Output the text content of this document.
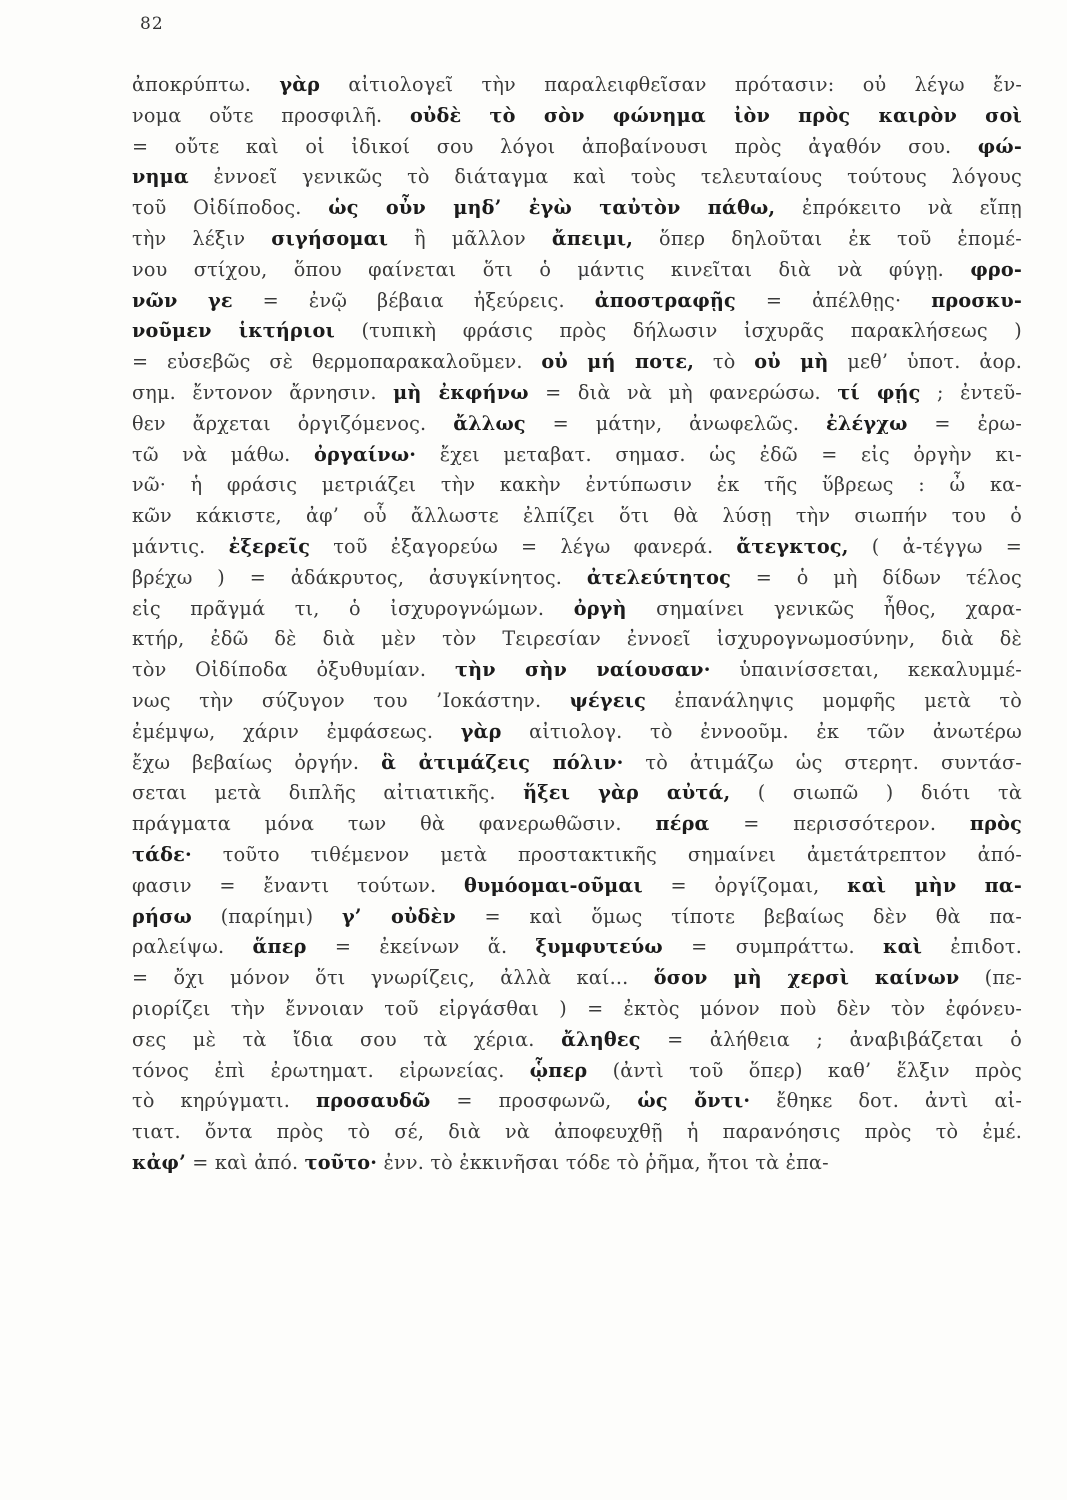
82
ἀποκρύπτω. γὰρ αἰτιολογεῖ τὴν παραλειφθεῖσαν πρότασιν: οὐ λέγω ἔν-
νομα οὔτε προσφιλῆ. οὐδὲ τὸ σὸν φώνημα ἰὸν πρὸς καιρὸν σοὶ
= οὔτε καὶ οἱ ἰδικοί σου λόγοι ἀποβαίνουσι πρὸς ἀγαθόν σου. φώ-
νημα ἐννοεῖ γενικῶς τὸ διάταγμα καὶ τοὺς τελευταίους τούτους λόγους
τοῦ Οἰδίποδος. ὡς οὖν μηδ’ ἐγὼ ταὐτὸν πάθω, ἐπρόκειτο νὰ εἴπῃ
τὴν λέξιν σιγήσομαι ἢ μᾶλλον ἄπειμι, ὅπερ δηλοῦται ἐκ τοῦ ἑπομέ-
νου στίχου, ὅπου φαίνεται ὅτι ὁ μάντις κινεῖται διὰ νὰ φύγῃ. φρο-
νῶν γε = ἐνῷ βέβαια ἠξεύρεις. ἀποστραφῇς = ἀπέλθῃς· προσκυ-
νοῦμεν ἱκτήριοι (τυπικὴ φράσις πρὸς δήλωσιν ἰσχυρᾶς παρακλήσεως )
= εὐσεβῶς σὲ θερμοπαρακαλοῦμεν. οὐ μή ποτε, τὸ οὐ μὴ μεθ’ ὑποτ. ἀορ.
σημ. ἔντονον ἄρνησιν. μὴ ἐκφήνω = διὰ νὰ μὴ φανερώσω. τί φῄς ; ἐντεῦ-
θεν ἄρχεται ὀργιζόμενος. ἄλλως = μάτην, ἀνωφελῶς. ἐλέγχω = ἐρω-
τῶ νὰ μάθω. ὀργαίνω· ἔχει μεταβατ. σημασ. ὡς ἐδῶ = εἰς ὀργὴν κι-
νῶ· ἡ φράσις μετριάζει τὴν κακὴν ἐντύπωσιν ἐκ τῆς ὕβρεως : ὦ κα-
κῶν κάκιστε, ἀφ’ οὗ ἄλλωστε ἐλπίζει ὅτι θὰ λύσῃ τὴν σιωπήν του ὁ
μάντις. ἐξερεῖς τοῦ ἐξαγορεύω = λέγω φανερά. ἄτεγκτος, ( ἀ-τέγγω =
βρέχω ) = ἀδάκρυτος, ἀσυγκίνητος. ἀτελεύτητος = ὁ μὴ δίδων τέλος
εἰς πρᾶγμά τι, ὁ ἰσχυρογνώμων. ὀργὴ σημαίνει γενικῶς ἦθος, χαρα-
κτήρ, ἐδῶ δὲ διὰ μὲν τὸν Τειρεσίαν ἐννοεῖ ἰσχυρογνωμοσύνην, διὰ δὲ
τὸν Οἰδίποδα ὀξυθυμίαν. τὴν σὴν ναίουσαν· ὑπαινίσσεται, κεκαλυμμέ-
νως τὴν σύζυγον του ’Ιοκάστην. ψέγεις ἐπανάληψις μομφῆς μετὰ τὸ
ἐμέμψω, χάριν ἐμφάσεως. γὰρ αἰτιολογ. τὸ ἐννοοῦμ. ἐκ τῶν ἀνωτέρω
ἔχω βεβαίως ὀργήν. ἃ ἀτιμάζεις πόλιν· τὸ ἀτιμάζω ὡς στερητ. συντάσ-
σεται μετὰ διπλῆς αἰτιατικῆς. ἥξει γὰρ αὐτά, ( σιωπῶ ) διότι τὰ
πράγματα μόνα των θὰ φανερωθῶσιν. πέρα = περισσότερον. πρὸς
τάδε· τοῦτο τιθέμενον μετὰ προστακτικῆς σημαίνει ἀμετάτρεπτον ἀπό-
φασιν = ἔναντι τούτων. θυμόομαι-οῦμαι = ὀργίζομαι, καὶ μὴν πα-
ρήσω (παρίημι) γ’ οὐδὲν = καὶ ὅμως τίποτε βεβαίως δὲν θὰ πα-
ραλείψω. ἅπερ = ἐκείνων ἅ. ξυμφυτεύω = συμπράττω. καὶ ἐπιδοτ.
= ὄχι μόνον ὅτι γνωρίζεις, ἀλλὰ καί... ὅσον μὴ χερσὶ καίνων (πε-
ριορίζει τὴν ἔννοιαν τοῦ εἰργάσθαι ) = ἐκτὸς μόνον ποὺ δὲν τὸν ἐφόνευ-
σες μὲ τὰ ἴδια σου τὰ χέρια. ἄληθες = ἀλήθεια ; ἀναβιβάζεται ὁ
τόνος ἐπὶ ἐρωτηματ. εἰρωνείας. ᾧπερ (ἀντὶ τοῦ ὅπερ) καθ’ ἕλξιν πρὸς
τὸ κηρύγματι. προσαυδῶ = προσφωνῶ, ὡς ὄντι· ἔθηκε δοτ. ἀντὶ αἰ-
τιατ. ὄντα πρὸς τὸ σέ, διὰ νὰ ἀποφευχθῇ ἡ παρανόησις πρὸς τὸ ἐμέ.
κἀφ’ = καὶ ἀπό. τοῦτο· ἐνν. τὸ ἐκκινῆσαι τόδε τὸ ῥῆμα, ἤτοι τὰ ἐπα-
